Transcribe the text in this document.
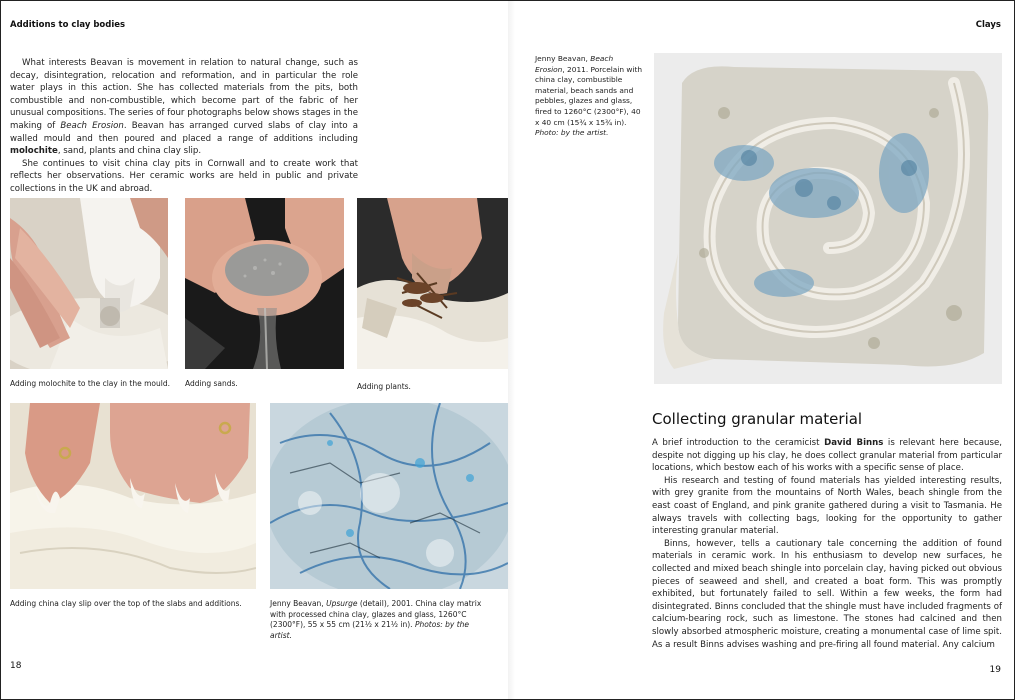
Additions to clay bodies

What interests Beavan is movement in relation to natural change, such as decay, disintegration, relocation and reformation, and in particular the role water plays in this action. She has collected materials from the pits, both combustible and non-combustible, which become part of the fabric of her unusual compositions. The series of four photographs below shows stages in the making of Beach Erosion. Beavan has arranged curved slabs of clay into a walled mould and then poured and placed a range of additions including molochite, sand, plants and china clay slip.

She continues to visit china clay pits in Cornwall and to create work that reflects her observations. Her ceramic works are held in public and private collections in the UK and abroad.

Adding molochite to the clay in the mould.	Adding sands.	Adding plants.
Adding china clay slip over the top of the slabs and additions.	Jenny Beavan, Upsurge (detail), 2001. China clay matrix with processed china clay, glazes and glass, 1260°C (2300°F), 55 x 55 cm (21½ x 21½ in). Photos: by the artist.
18
Clays
Jenny Beavan, Beach Erosion, 2011. Porcelain with china clay, combustible material, beach sands and pebbles, glazes and glass, fired to 1260°C (2300°F), 40 x 40 cm (15¾ x 15¾ in). Photo: by the artist.
Collecting granular material

A brief introduction to the ceramicist David Binns is relevant here because, despite not digging up his clay, he does collect granular material from particular locations, which bestow each of his works with a specific sense of place.

His research and testing of found materials has yielded interesting results, with grey granite from the mountains of North Wales, beach shingle from the east coast of England, and pink granite gathered during a visit to Tasmania. He always travels with collecting bags, looking for the opportunity to gather interesting granular material.

Binns, however, tells a cautionary tale concerning the addition of found materials in ceramic work. In his enthusiasm to develop new surfaces, he collected and mixed beach shingle into porcelain clay, having picked out obvious pieces of seaweed and shell, and created a boat form. This was promptly exhibited, but fortunately failed to sell. Within a few weeks, the form had disintegrated. Binns concluded that the shingle must have included fragments of calcium-bearing rock, such as limestone. The stones had calcined and then slowly absorbed atmospheric moisture, creating a monumental case of lime spit. As a result Binns advises washing and pre-firing all found material. Any calcium

19
